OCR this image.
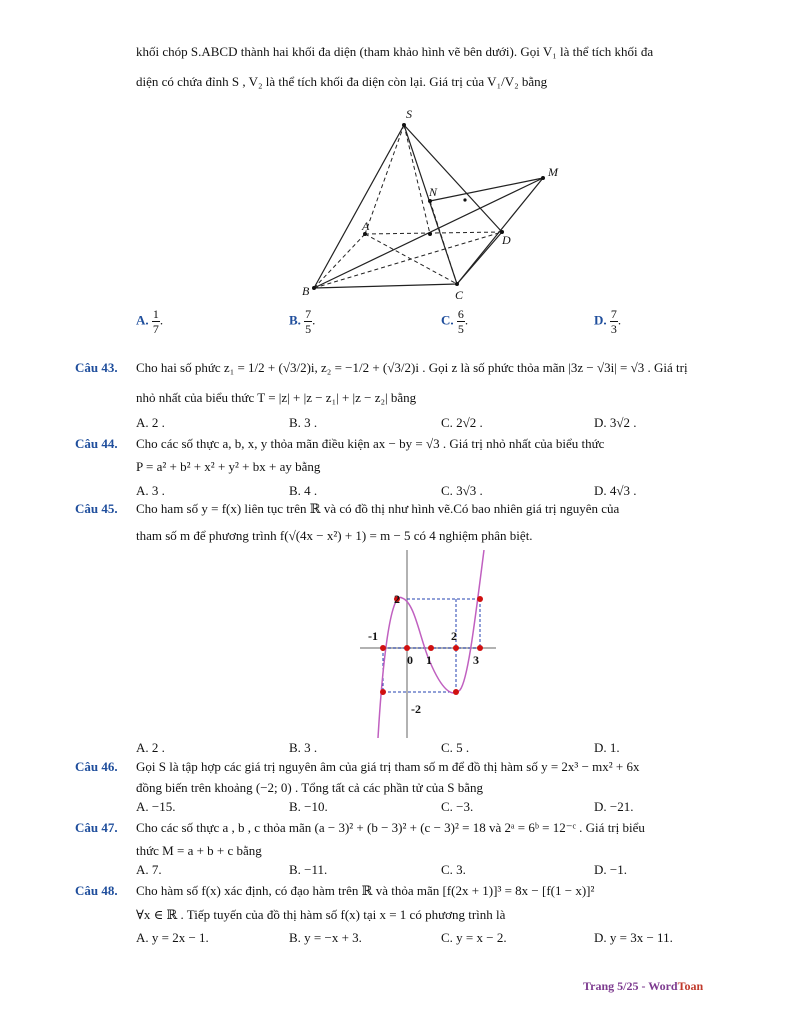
khối chóp S.ABCD thành hai khối đa diện (tham khảo hình vẽ bên dưới). Gọi V₁ là thể tích khối đa
diện có chứa đỉnh S , V₂ là thể tích khối đa diện còn lại. Giá trị của V₁/V₂ bằng
S
M
N
A
D
B	C
A. $\frac{1}{7}$ .	B. $\frac{7}{5}$ .	C. $\frac{6}{5}$ .	D. $\frac{7}{3}$ .
Câu 43. Cho hai số phức z₁ = 1/2 + (√3/2)i, z₂ = −1/2 + (√3/2)i . Gọi z là số phức thỏa mãn |3z − √3i| = √3 . Giá trị
nhỏ nhất của biểu thức T = |z| + |z − z₁| + |z − z₂| bằng
A. 2 .	B. 3 .	C. 2√2 .	D. 3√2 .
Câu 44. Cho các số thực a, b, x, y thỏa mãn điều kiện ax − by = √3 . Giá trị nhỏ nhất của biểu thức
P = a² + b² + x² + y² + bx + ay bằng
A. 3 .	B. 4 .	C. 3√3 .	D. 4√3 .
Câu 45. Cho ham số y = f(x) liên tục trên ℝ và có đồ thị như hình vẽ.Có bao nhiên giá trị nguyên của
tham số m để phương trình f(√(4x − x²) + 1) = m − 5 có 4 nghiệm phân biệt.
2
-1
0 1
2
3
-2
A. 2 .	B. 3 .	C. 5 .	D. 1.
Câu 46. Gọi S là tập hợp các giá trị nguyên âm của giá trị tham số m để đồ thị hàm số y = 2x³ − mx² + 6x
đồng biến trên khoảng (−2; 0) . Tổng tất cả các phần tử của S bằng
A. −15.	B. −10.	C. −3.	D. −21.
Câu 47. Cho các số thực a , b , c thỏa mãn (a − 3)² + (b − 3)² + (c − 3)² = 18 và 2ᵃ = 6ᵇ = 12⁻ᶜ . Giá trị biểu
thức M = a + b + c bằng
A. 7.	B. −11.	C. 3.	D. −1.
Câu 48. Cho hàm số f(x) xác định, có đạo hàm trên ℝ và thỏa mãn [f(2x + 1)]³ = 8x − [f(1 − x)]²
∀x ∈ ℝ . Tiếp tuyến của đồ thị hàm số f(x) tại x = 1 có phương trình là
A. y = 2x − 1.	B. y = −x + 3.	C. y = x − 2.	D. y = 3x − 11.
Trang 5/25 - WordToan
